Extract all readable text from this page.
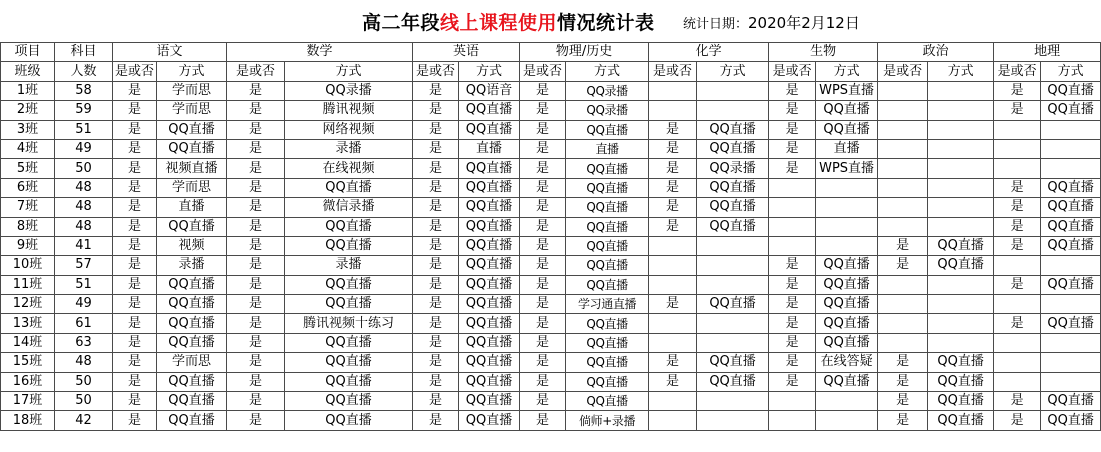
高二年段线上课程使用情况统计表 统计日期：2020年2月12日
项目	科目	语文		数学		英语		物理/历史		化学		生物		政治		地理	
班级	人数	是或否	方式	是或否	方式	是或否	方式	是或否	方式	是或否	方式	是或否	方式	是或否	方式	是或否	方式
1班	58	是	学而思	是	QQ录播	是	QQ语音	是	QQ录播			是	WPS直播			是	QQ直播
2班	59	是	学而思	是	腾讯视频	是	QQ直播	是	QQ录播			是	QQ直播			是	QQ直播
3班	51	是	QQ直播	是	网络视频	是	QQ直播	是	QQ直播	是	QQ直播	是	QQ直播				
4班	49	是	QQ直播	是	录播	是	直播	是	直播	是	QQ直播	是	直播				
5班	50	是	视频直播	是	在线视频	是	QQ直播	是	QQ直播	是	QQ录播	是	WPS直播				
6班	48	是	学而思	是	QQ直播	是	QQ直播	是	QQ直播	是	QQ直播					是	QQ直播
7班	48	是	直播	是	微信录播	是	QQ直播	是	QQ直播	是	QQ直播					是	QQ直播
8班	48	是	QQ直播	是	QQ直播	是	QQ直播	是	QQ直播	是	QQ直播					是	QQ直播
9班	41	是	视频	是	QQ直播	是	QQ直播	是	QQ直播					是	QQ直播	是	QQ直播
10班	57	是	录播	是	录播	是	QQ直播	是	QQ直播			是	QQ直播	是	QQ直播		
11班	51	是	QQ直播	是	QQ直播	是	QQ直播	是	QQ直播			是	QQ直播			是	QQ直播
12班	49	是	QQ直播	是	QQ直播	是	QQ直播	是	学习通直播	是	QQ直播	是	QQ直播				
13班	61	是	QQ直播	是	腾讯视频十练习	是	QQ直播	是	QQ直播			是	QQ直播			是	QQ直播
14班	63	是	QQ直播	是	QQ直播	是	QQ直播	是	QQ直播			是	QQ直播				
15班	48	是	学而思	是	QQ直播	是	QQ直播	是	QQ直播	是	QQ直播	是	在线答疑	是	QQ直播		
16班	50	是	QQ直播	是	QQ直播	是	QQ直播	是	QQ直播	是	QQ直播	是	QQ直播	是	QQ直播		
17班	50	是	QQ直播	是	QQ直播	是	QQ直播	是	QQ直播					是	QQ直播	是	QQ直播
18班	42	是	QQ直播	是	QQ直播	是	QQ直播	是	倘师+录播					是	QQ直播	是	QQ直播
